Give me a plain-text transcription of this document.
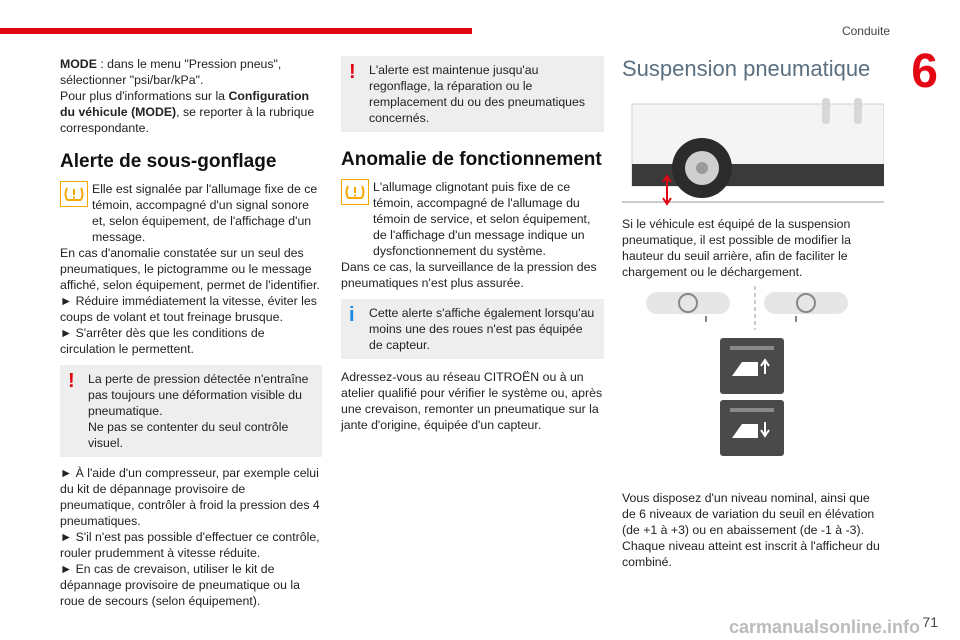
Conduite
6

MODE : dans le menu "Pression pneus", sélectionner "psi/bar/kPa".

Pour plus d'informations sur la Configuration du véhicule (MODE), se reporter à la rubrique correspondante.

Alerte de sous-gonflage
Elle est signalée par l'allumage fixe de ce témoin, accompagné d'un signal sonore et, selon équipement, de l'affichage d'un message.

En cas d'anomalie constatée sur un seul des pneumatiques, le pictogramme ou le message affiché, selon équipement, permet de l'identifier.

► Réduire immédiatement la vitesse, éviter les coups de volant et tout freinage brusque.

► S'arrêter dès que les conditions de circulation le permettent.

! La perte de pression détectée n'entraîne pas toujours une déformation visible du pneumatique.
Ne pas se contenter du seul contrôle visuel.

► À l'aide d'un compresseur, par exemple celui du kit de dépannage provisoire de pneumatique, contrôler à froid la pression des 4 pneumatiques.

► S'il n'est pas possible d'effectuer ce contrôle, rouler prudemment à vitesse réduite.

► En cas de crevaison, utiliser le kit de dépannage provisoire de pneumatique ou la roue de secours (selon équipement).

! L'alerte est maintenue jusqu'au regonflage, la réparation ou le remplacement du ou des pneumatiques concernés.
Anomalie de fonctionnement
L'allumage clignotant puis fixe de ce témoin, accompagné de l'allumage du témoin de service, et selon équipement, de l'affichage d'un message indique un dysfonctionnement du système.

Dans ce cas, la surveillance de la pression des pneumatiques n'est plus assurée.

i Cette alerte s'affiche également lorsqu'au moins une des roues n'est pas équipée de capteur.

Adressez-vous au réseau CITROËN ou à un atelier qualifié pour vérifier le système ou, après une crevaison, remonter un pneumatique sur la jante d'origine, équipée d'un capteur.

Suspension pneumatique

Si le véhicule est équipé de la suspension pneumatique, il est possible de modifier la hauteur du seuil arrière, afin de faciliter le chargement ou le déchargement.

Vous disposez d'un niveau nominal, ainsi que de 6 niveaux de variation du seuil en élévation (de +1 à +3) ou en abaissement (de -1 à -3). Chaque niveau atteint est inscrit à l'afficheur du combiné.

71
carmanualsonline.info
